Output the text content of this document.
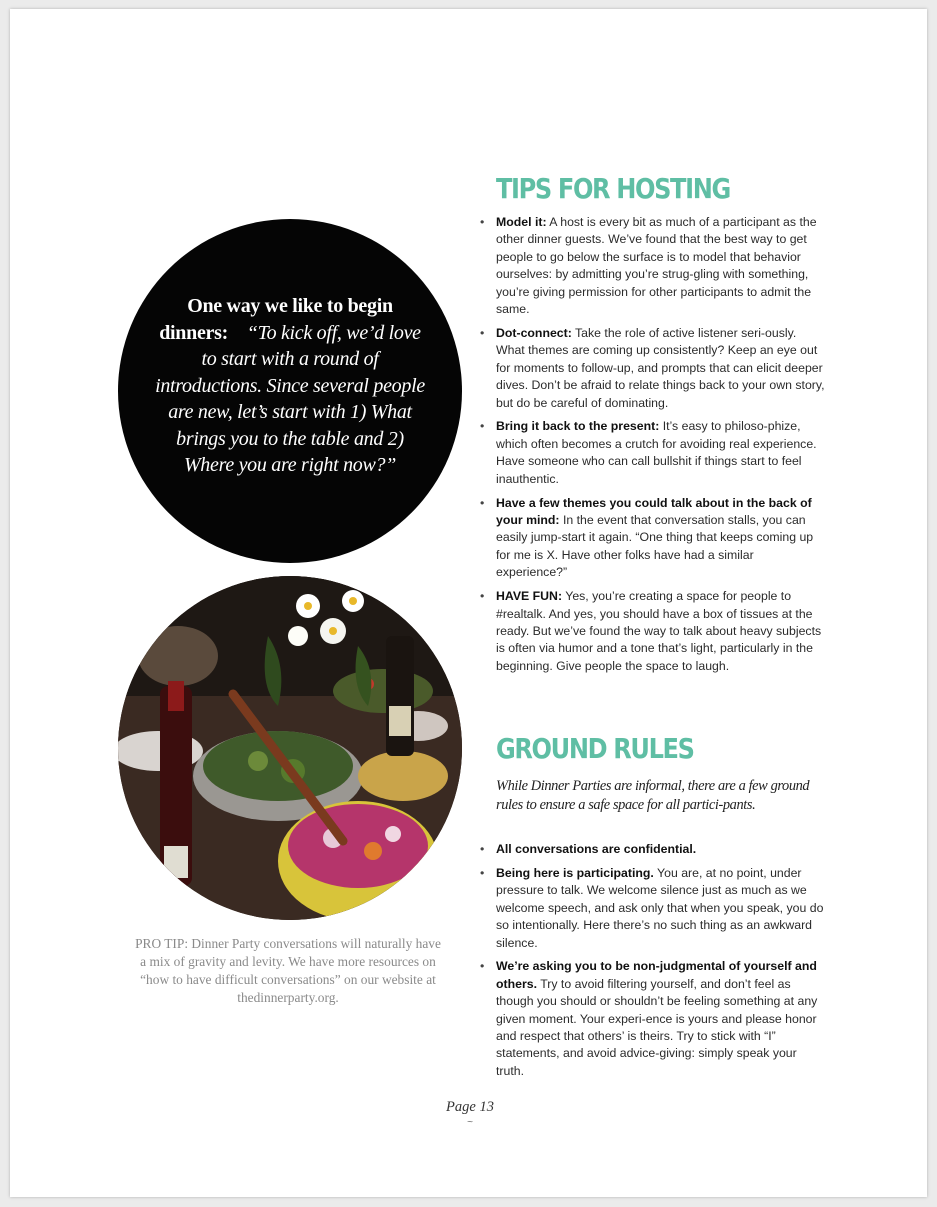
One way we like to begin dinners: “To kick off, we’d love to start with a round of introductions. Since several people are new, let’s start with 1) What brings you to the table and 2) Where you are right now?”
PRO TIP: Dinner Party conversations will naturally have a mix of gravity and levity. We have more resources on “how to have difficult conversations” on our website at thedinnerparty.org.
TIPS FOR HOSTING
• Model it: A host is every bit as much of a participant as the other dinner guests. We’ve found that the best way to get people to go below the surface is to model that behavior ourselves: by admitting you’re strug-gling with something, you’re giving permission for other participants to admit the same.
• Dot-connect: Take the role of active listener seri-ously. What themes are coming up consistently? Keep an eye out for moments to follow-up, and prompts that can elicit deeper dives. Don’t be afraid to relate things back to your own story, but do be careful of dominating.
• Bring it back to the present: It’s easy to philoso-phize, which often becomes a crutch for avoiding real experience. Have someone who can call bullshit if things start to feel inauthentic.
• Have a few themes you could talk about in the back of your mind: In the event that conversation stalls, you can easily jump-start it again. “One thing that keeps coming up for me is X. Have other folks have had a similar experience?”
• HAVE FUN: Yes, you’re creating a space for people to #realtalk. And yes, you should have a box of tissues at the ready. But we’ve found the way to talk about heavy subjects is often via humor and a tone that’s light, particularly in the beginning. Give people the space to laugh.
GROUND RULES
While Dinner Parties are informal, there are a few ground rules to ensure a safe space for all partici-pants.
• All conversations are confidential.
• Being here is participating. You are, at no point, under pressure to talk. We welcome silence just as much as we welcome speech, and ask only that when you speak, you do so intentionally. Here there’s no such thing as an awkward silence.
• We’re asking you to be non-judgmental of yourself and others. Try to avoid filtering yourself, and don’t feel as though you should or shouldn’t be feeling something at any given moment. Your experi-ence is yours and please honor and respect that others’ is theirs. Try to stick with “I” statements, and avoid advice-giving: simply speak your truth.
Page 13
~
